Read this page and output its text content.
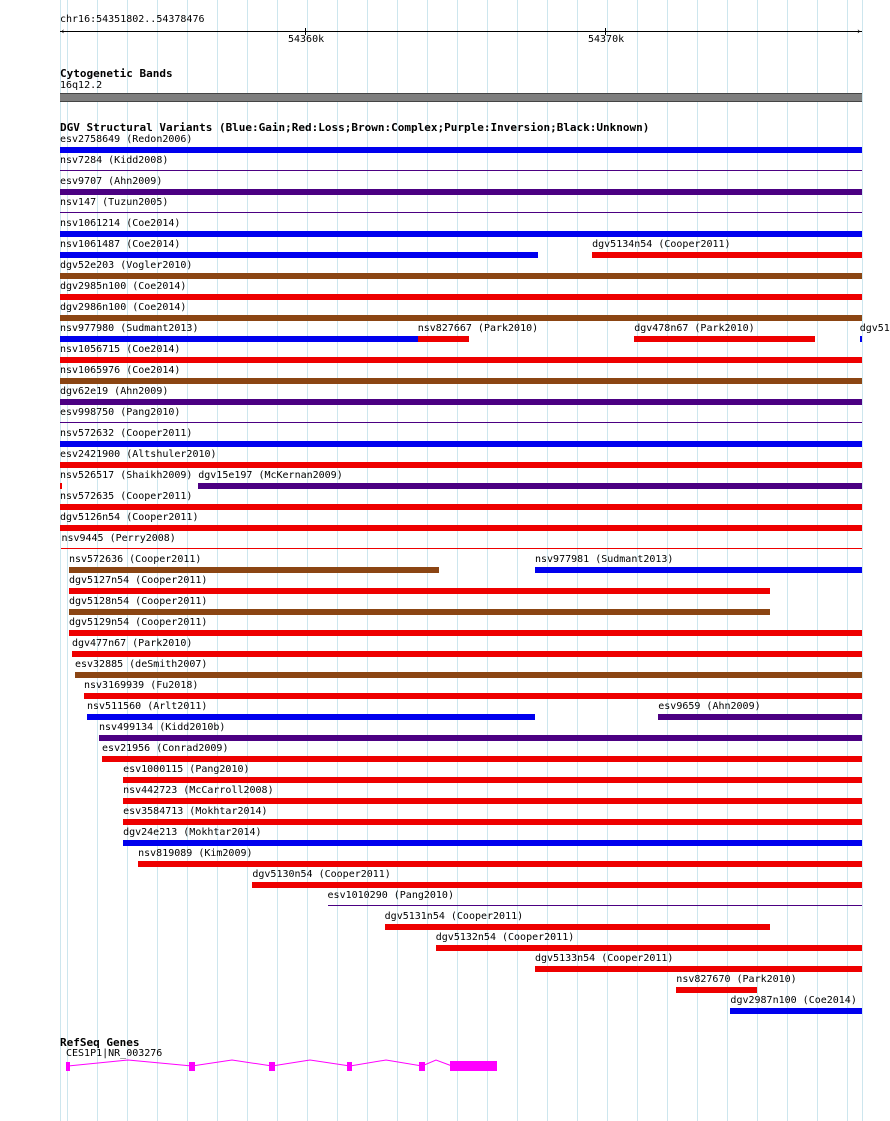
chr16:54351802..54378476
‹	›
54360k	54370k
Cytogenetic Bands
16q12.2
DGV Structural Variants (Blue:Gain;Red:Loss;Brown:Complex;Purple:Inversion;Black:Unknown)
esv2758649 (Redon2006)
nsv7284 (Kidd2008)
esv9707 (Ahn2009)
nsv147 (Tuzun2005)
nsv1061214 (Coe2014)
nsv1061487 (Coe2014)	dgv5134n54 (Cooper2011)
dgv52e203 (Vogler2010)
dgv2985n100 (Coe2014)
dgv2986n100 (Coe2014)
nsv977980 (Sudmant2013)	nsv827667 (Park2010)	dgv478n67 (Park2010)	dgv51
nsv1056715 (Coe2014)
nsv1065976 (Coe2014)
dgv62e19 (Ahn2009)
esv998750 (Pang2010)
nsv572632 (Cooper2011)
esv2421900 (Altshuler2010)
nsv526517 (Shaikh2009) dgv15e197 (McKernan2009)
nsv572635 (Cooper2011)
dgv5126n54 (Cooper2011)
nsv9445 (Perry2008)
nsv572636 (Cooper2011)	nsv977981 (Sudmant2013)
dgv5127n54 (Cooper2011)
dgv5128n54 (Cooper2011)
dgv5129n54 (Cooper2011)
dgv477n67 (Park2010)
esv32885 (deSmith2007)
nsv3169939 (Fu2018)
nsv511560 (Arlt2011)	esv9659 (Ahn2009)
nsv499134 (Kidd2010b)
esv21956 (Conrad2009)
esv1000115 (Pang2010)
nsv442723 (McCarroll2008)
esv3584713 (Mokhtar2014)
dgv24e213 (Mokhtar2014)
nsv819089 (Kim2009)
dgv5130n54 (Cooper2011)
esv1010290 (Pang2010)
dgv5131n54 (Cooper2011)
dgv5132n54 (Cooper2011)
dgv5133n54 (Cooper2011)
nsv827670 (Park2010)
dgv2987n100 (Coe2014)
RefSeq Genes
CES1P1|NR_003276
